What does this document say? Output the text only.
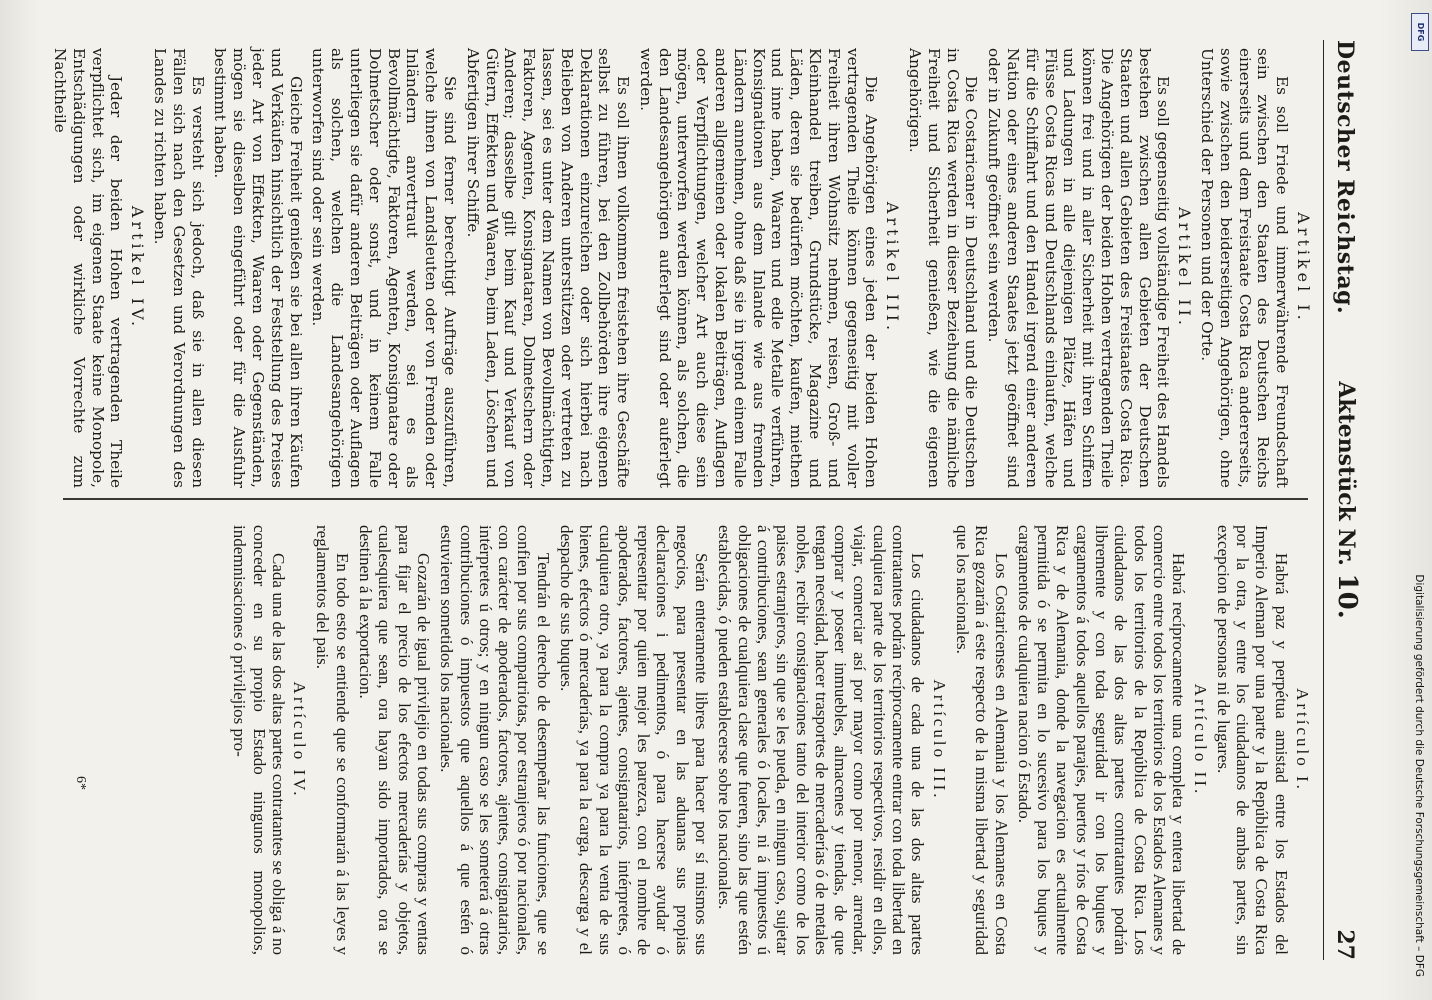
Deutscher Reichstag.
Aktenstück Nr. 10.
27
Artikel I.

Es soll Friede und immerwährende Freundschaft sein zwischen den Staaten des Deutschen Reichs einerseits und dem Freistaate Costa Rica andererseits, sowie zwischen den beiderseitigen Angehörigen, ohne Unterschied der Personen und der Orte.

Artikel II.

Es soll gegenseitig vollständige Freiheit des Handels bestehen zwischen allen Gebieten der Deutschen Staaten und allen Gebieten des Freistaates Costa Rica. Die Angehörigen der beiden Hohen vertragenden Theile können frei und in aller Sicherheit mit ihren Schiffen und Ladungen in alle diejenigen Plätze, Häfen und Flüsse Costa Ricas und Deutschlands einlaufen, welche für die Schiffahrt und den Handel irgend einer anderen Nation oder eines anderen Staates jetzt geöffnet sind oder in Zukunft geöffnet sein werden.

Die Costaricaner in Deutschland und die Deutschen in Costa Rica werden in dieser Beziehung die nämliche Freiheit und Sicherheit genießen, wie die eigenen Angehörigen.

Artikel III.

Die Angehörigen eines jeden der beiden Hohen vertragenden Theile können gegenseitig mit voller Freiheit ihren Wohnsitz nehmen, reisen, Groß- und Kleinhandel treiben, Grundstücke, Magazine und Läden, deren sie bedürfen möchten, kaufen, miethen und inne haben, Waaren und edle Metalle verführen, Konsignationen aus dem Inlande wie aus fremden Ländern annehmen, ohne daß sie in irgend einem Falle anderen allgemeinen oder lokalen Beiträgen, Auflagen oder Verpflichtungen, welcher Art auch diese sein mögen, unterworfen werden können, als solchen, die den Landesangehörigen auferlegt sind oder auferlegt werden.

Es soll ihnen vollkommen freistehen ihre Geschäfte selbst zu führen, bei den Zollbehörden ihre eigenen Deklarationen einzureichen oder sich hierbei nach Belieben von Anderen unterstützen oder vertreten zu lassen, sei es unter dem Namen von Bevollmächtigten, Faktoren, Agenten, Konsignataren, Dolmetschern oder Anderen; dasselbe gilt beim Kauf und Verkauf von Gütern, Effekten und Waaren, beim Laden, Löschen und Abfertigen ihrer Schiffe.

Sie sind ferner berechtigt Aufträge auszuführen, welche ihnen von Landsleuten oder von Fremden oder Inländern anvertraut werden, sei es als Bevollmächtigte, Faktoren, Agenten, Konsignatare oder Dolmetscher oder sonst, und in keinem Falle unterliegen sie dafür anderen Beiträgen oder Auflagen als solchen, welchen die Landesangehörigen unterworfen sind oder sein werden.

Gleiche Freiheit genießen sie bei allen ihren Käufen und Verkäufen hinsichtlich der Feststellung des Preises jeder Art von Effekten, Waaren oder Gegenständen, mögen sie dieselben eingeführt oder für die Ausfuhr bestimmt haben.

Es versteht sich jedoch, daß sie in allen diesen Fällen sich nach den Gesetzen und Verordnungen des Landes zu richten haben.

Artikel IV.

Jeder der beiden Hohen vertragenden Theile verpflichtet sich, im eigenen Staate keine Monopole, Entschädigungen oder wirkliche Vorrechte zum Nachtheile

Artículo I.

Habrá paz y perpétua amistad entre los Estados del Imperio Aleman por una parte y la República de Costa Rica por la otra, y entre los ciudadanos de ambas partes, sin excepcion de personas ni de lugares.

Artículo II.

Habrá recíprocamente una completa y entera libertad de comercio entre todos los territorios de los Estados Alemanes y todos los territorios de la República de Costa Rica. Los ciudadanos de las dos altas partes contratantes podrán libremente y con toda seguridad ir con los buques y cargamentos á todos aquellos parajes, puertos y ríos de Costa Rica y de Alemania, donde la navegacion es actualmente permitida ó se permita en lo sucesivo para los buques y cargamentos de cualquiera nacion ó Estado.

Los Costaricenses en Alemania y los Alemanes en Costa Rica gozarán á este respecto de la misma libertad y seguridad que los nacionales.

Artículo III.

Los ciudadanos de cada una de las dos altas partes contratantes podrán recíprocamente entrar con toda libertad en cualquiera parte de los territorios respectivos, residir en ellos, viajar, comerciar así por mayor como por menor, arrendar, comprar y poseer inmuebles, almacenes y tiendas, de que tengan necesidad, hacer trasportes de mercaderías ó de metales nobles, recibir consignaciones tanto del interior como de los paises estranjeros, sin que se les pueda, en ningun caso, sujetar á contribuciones, sean generales ó locales, ni á impuestos ú obligaciones de cualquiera clase que fueren, sino las que estén establecidas, ó pueden establecerse sobre los nacionales.

Serán enteramente libres para hacer por sí mismos sus negocios, para presentar en las aduanas sus propias declaraciones i pedimentos, ó para hacerse ayudar ó representar por quien mejor les parezca, con el nombre de apoderados, factores, ajentes, consignatarios, intérpretes, ó cualquiera otro, ya para la compra ya para la venta de sus bienes, efectos ó mercaderías, ya para la carga, descarga y el despacho de sus buques.

Tendrán el derecho de desempeñar las funciones, que se confien por sus compatriotas, por estranjeros ó por nacionales, con carácter de apoderados, factores, ajentes, consignatarios, intérpretes ú otros; y en ningun caso se les someterá á otras contribuciones ó impuestos que aquellos á que estén ó estuvieren sometidos los nacionales.

Gozarán de igual privilejio en todas sus compras y ventas para fijar el precio de los efectos mercaderías y objetos, cualesquiera que sean, ora hayan sido importados, ora se destinen á la exportacion.

En todo esto se entiende que se conformarán á las leyes y reglamentos del pais.

Artículo IV.

Cada una de las dos altas partes contratantes se obliga á no conceder en su propio Estado ningunos monopolios, indemnisaciones ó privilejios pro-

6*	Digitalisierung gefördert durch die Deutsche Forschungsgemeinschaft – DFG
DFG
